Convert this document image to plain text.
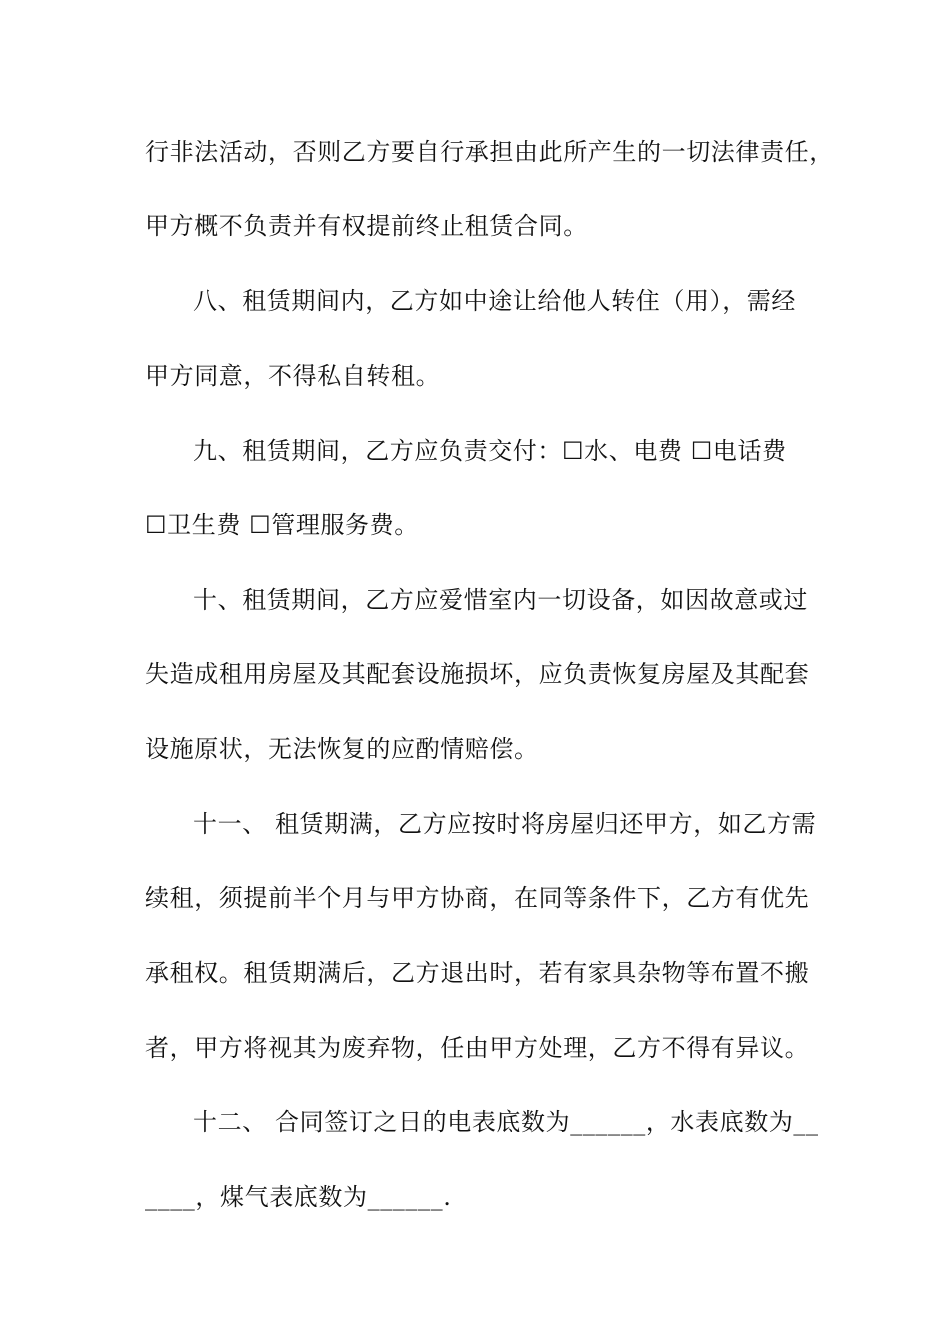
行非法活动，否则乙方要自行承担由此所产生的一切法律责任，
甲方概不负责并有权提前终止租赁合同。
八、租赁期间内，乙方如中途让给他人转住（用），需经
甲方同意，不得私自转租。
九、租赁期间，乙方应负责交付：☐水、电费 ☐电话费
☐卫生费 ☐管理服务费。
十、租赁期间，乙方应爱惜室内一切设备，如因故意或过
失造成租用房屋及其配套设施损坏，应负责恢复房屋及其配套
设施原状，无法恢复的应酌情赔偿。
十一、 租赁期满，乙方应按时将房屋归还甲方，如乙方需
续租，须提前半个月与甲方协商，在同等条件下，乙方有优先
承租权。租赁期满后，乙方退出时，若有家具杂物等布置不搬
者，甲方将视其为废弃物，任由甲方处理，乙方不得有异议。
十二、 合同签订之日的电表底数为______，水表底数为__
____，煤气表底数为______.
